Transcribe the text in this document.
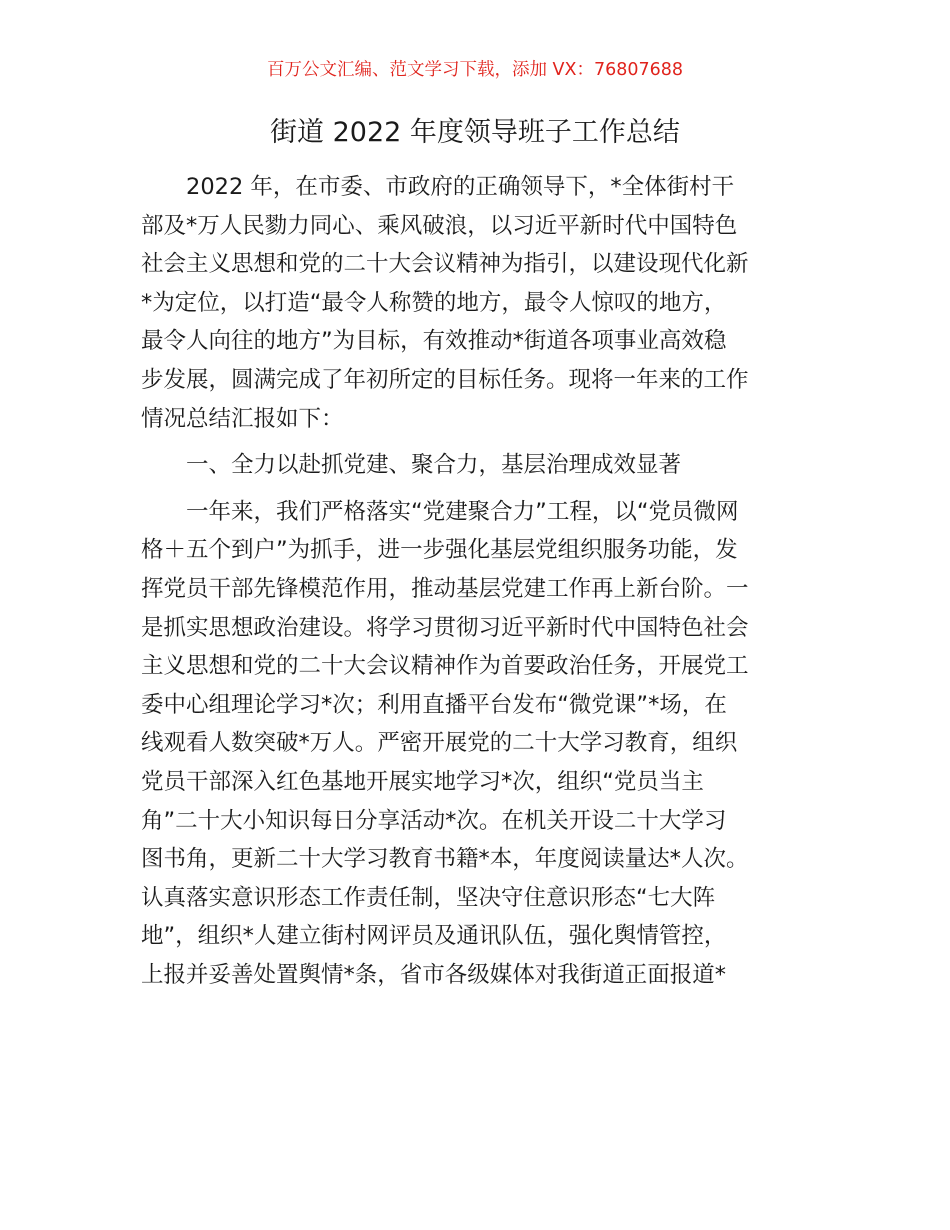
百万公文汇编、范文学习下载，添加 VX：76807688
街道 2022 年度领导班子工作总结

　　2022 年，在市委、市政府的正确领导下，*全体街村干

部及*万人民勠力同心、乘风破浪，以习近平新时代中国特色

社会主义思想和党的二十大会议精神为指引，以建设现代化新

*为定位，以打造“最令人称赞的地方，最令人惊叹的地方，

最令人向往的地方”为目标，有效推动*街道各项事业高效稳

步发展，圆满完成了年初所定的目标任务。现将一年来的工作

情况总结汇报如下：

　　一、全力以赴抓党建、聚合力，基层治理成效显著

　　一年来，我们严格落实“党建聚合力”工程，以“党员微网

格＋五个到户”为抓手，进一步强化基层党组织服务功能，发

挥党员干部先锋模范作用，推动基层党建工作再上新台阶。一

是抓实思想政治建设。将学习贯彻习近平新时代中国特色社会

主义思想和党的二十大会议精神作为首要政治任务，开展党工

委中心组理论学习*次；利用直播平台发布“微党课”*场，在

线观看人数突破*万人。严密开展党的二十大学习教育，组织

党员干部深入红色基地开展实地学习*次，组织“党员当主

角”二十大小知识每日分享活动*次。在机关开设二十大学习

图书角，更新二十大学习教育书籍*本，年度阅读量达*人次。

认真落实意识形态工作责任制，坚决守住意识形态“七大阵

地”，组织*人建立街村网评员及通讯队伍，强化舆情管控，

上报并妥善处置舆情*条，省市各级媒体对我街道正面报道*
